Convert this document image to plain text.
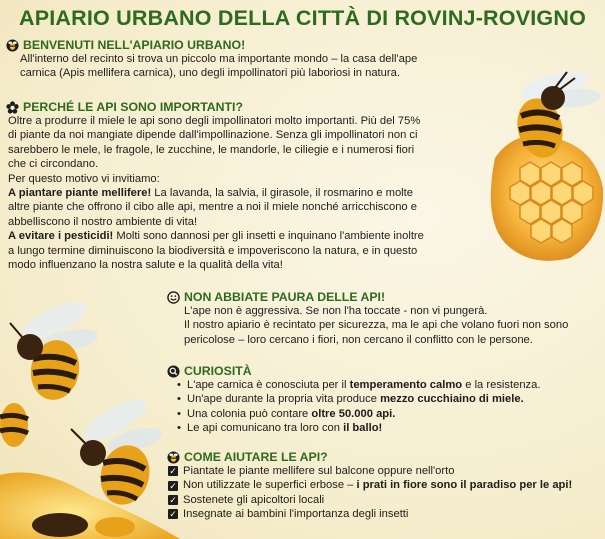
APIARIO URBANO DELLA CITTÀ DI ROVINJ-ROVIGNO
BENVENUTI NELL'APIARIO URBANO!

All'interno del recinto si trova un piccolo ma importante mondo – la casa dell'ape

carnica (Apis mellifera carnica), uno degli impollinatori più laboriosi in natura.

PERCHÉ LE API SONO IMPORTANTI?

Oltre a produrre il miele le api sono degli impollinatori molto importanti. Più del 75%

di piante da noi mangiate dipende dall'impollinazione. Senza gli impollinatori non ci

sarebbero le mele, le fragole, le zucchine, le mandorle, le ciliegie e i numerosi fiori

che ci circondano.

Per questo motivo vi invitiamo:

A piantare piante mellifere! La lavanda, la salvia, il girasole, il rosmarino e molte

altre piante che offrono il cibo alle api, mentre a noi il miele nonché arricchiscono e

abbelliscono il nostro ambiente di vita!

A evitare i pesticidi! Molti sono dannosi per gli insetti e inquinano l'ambiente inoltre

a lungo termine diminuiscono la biodiversità e impoveriscono la natura, e in questo

modo influenzano la nostra salute e la qualità della vita!

NON ABBIATE PAURA DELLE API!

L'ape non è aggressiva. Se non l'ha toccate - non vi pungerà.

Il nostro apiario è recintato per sicurezza, ma le api che volano fuori non sono

pericolose – loro cercano i fiori, non cercano il conflitto con le persone.

CURIOSITÀ
• L'ape carnica è conosciuta per il temperamento calmo e la resistenza.
• Un'ape durante la propria vita produce mezzo cucchiaino di miele.
• Una colonia può contare oltre 50.000 api.
• Le api comunicano tra loro con il ballo!
COME AIUTARE LE API?
✓ Piantate le piante mellifere sul balcone oppure nell'orto
✓ Non utilizzate le superfici erbose – i prati in fiore sono il paradiso per le api!
✓ Sostenete gli apicoltori locali
✓ Insegnate ai bambini l'importanza degli insetti
